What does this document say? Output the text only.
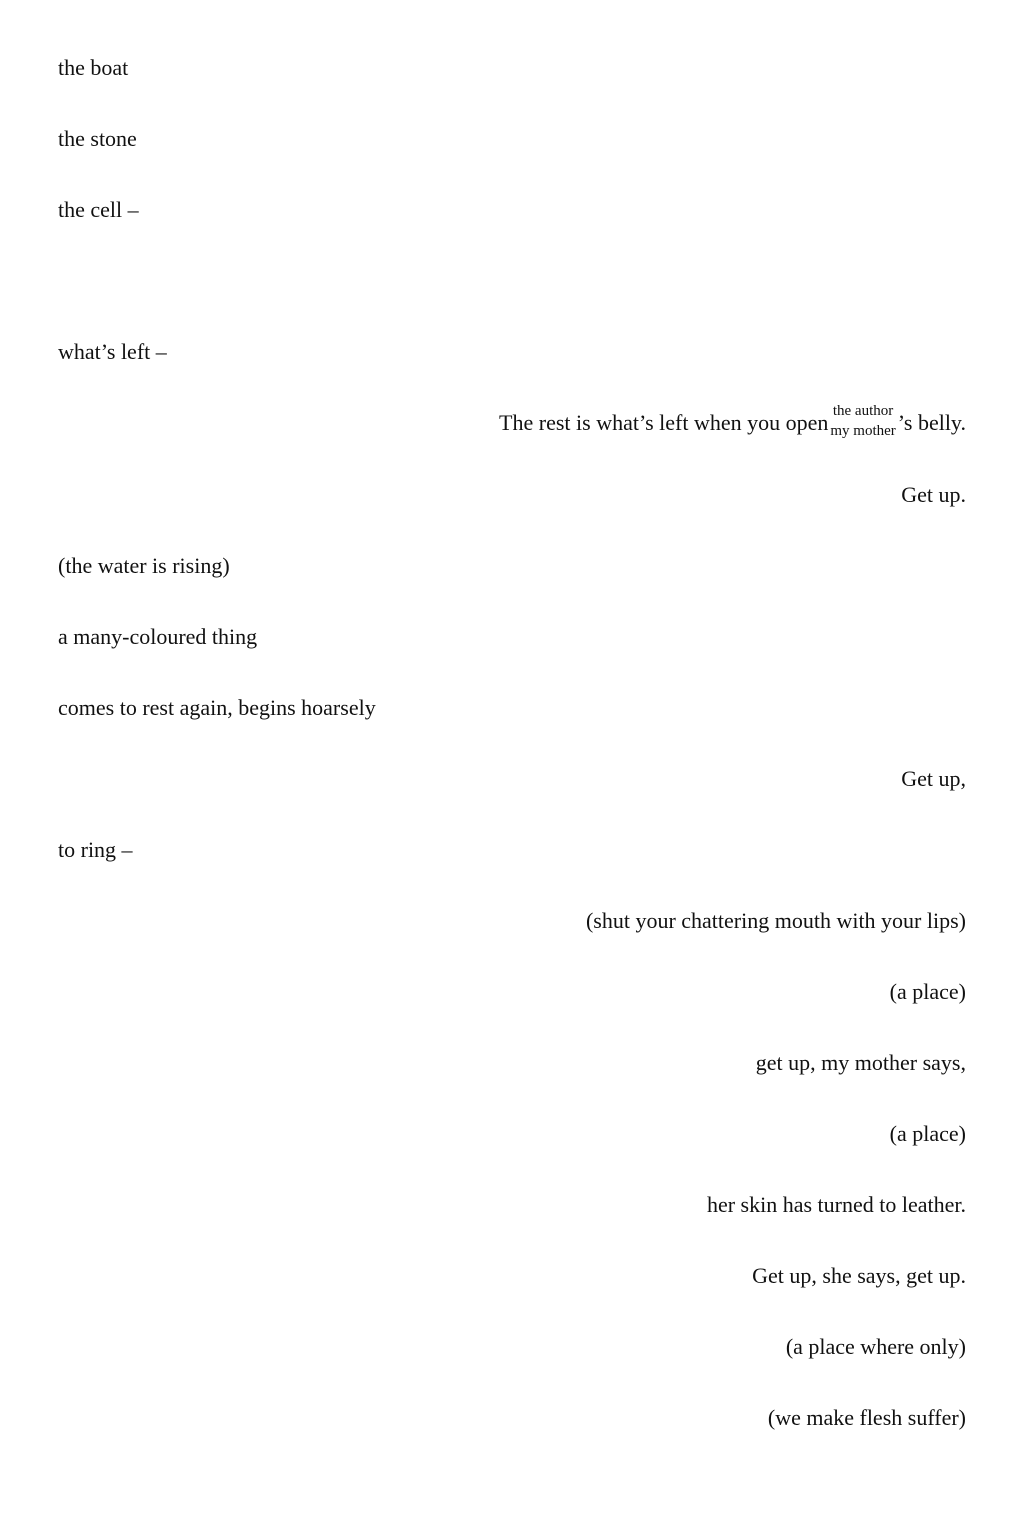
the boat
the stone
the cell –
what’s left –
The rest is what’s left when you open the author
my mother ’s belly.
Get up.
(the water is rising)
a many-coloured thing
comes to rest again, begins hoarsely
Get up,
to ring –
(shut your chattering mouth with your lips)
(a place)
get up, my mother says,
(a place)
her skin has turned to leather.
Get up, she says, get up.
(a place where only)
(we make flesh suffer)
